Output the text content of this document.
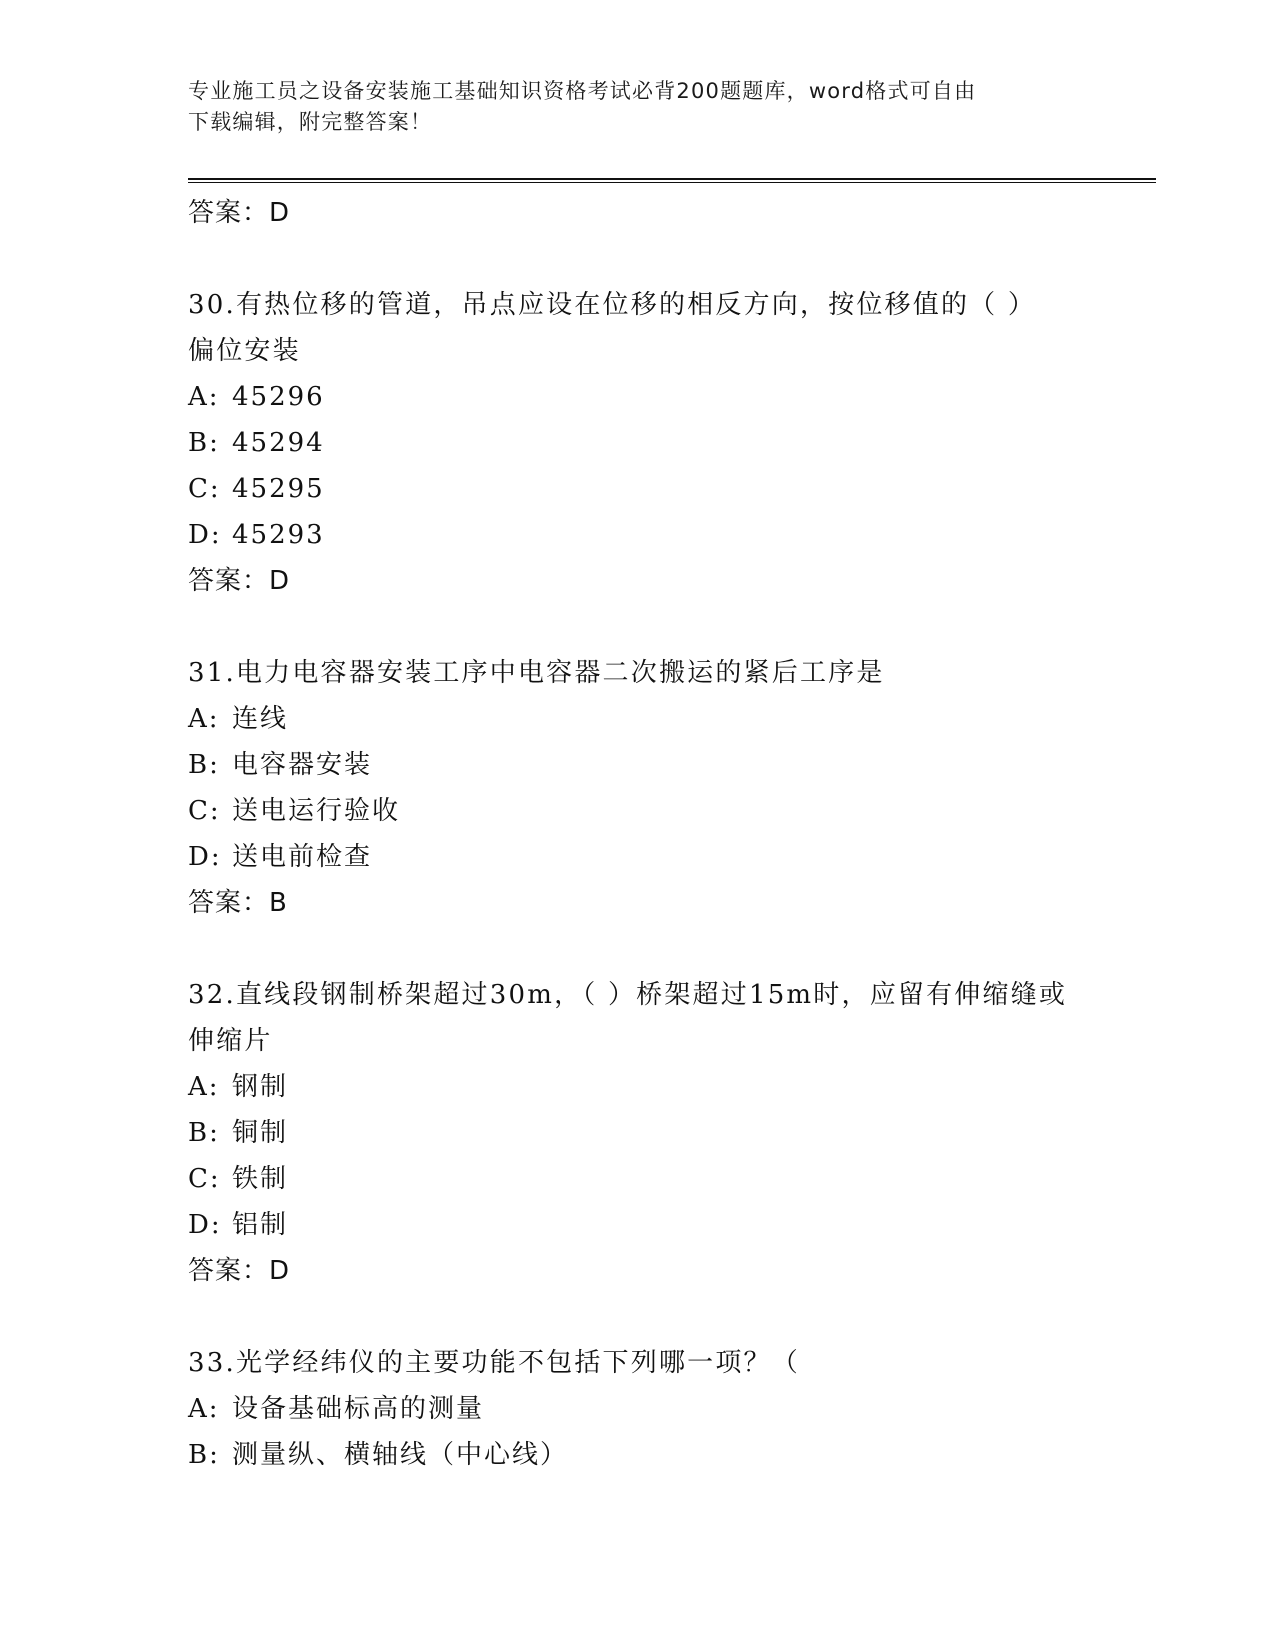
专业施工员之设备安装施工基础知识资格考试必背200题题库，word格式可自由
下载编辑，附完整答案！
答案：D
30.有热位移的管道，吊点应设在位移的相反方向，按位移值的（ ）
偏位安装
A: 45296
B: 45294
C: 45295
D: 45293
答案：D
31.电力电容器安装工序中电容器二次搬运的紧后工序是
A: 连线
B: 电容器安装
C: 送电运行验收
D: 送电前检查
答案：B
32.直线段钢制桥架超过30m，（ ）桥架超过15m时，应留有伸缩缝或
伸缩片
A: 钢制
B: 铜制
C: 铁制
D: 铝制
答案：D
33.光学经纬仪的主要功能不包括下列哪一项？（
A: 设备基础标高的测量
B: 测量纵、横轴线（中心线）
